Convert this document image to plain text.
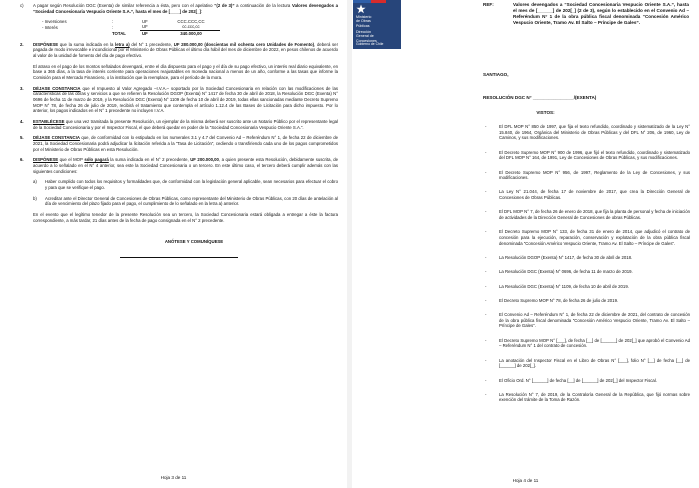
c)	A pagar según Resolución DGC (Exenta) de similar referencia a ésta, pero con el apelativo “(2 de 3)” a continuación de la lectura Valores devengados a “Sociedad Concesionaria Vespucio Oriente S.A.”, hasta el mes de [____] de 202[_]:

- Inversiones	:	UF	CCC.CCC,CC
- Interés	:	UF	cc.ccc,cc
	TOTAL	UF	340.000,00
2.	DISPÓNESE que la suma indicada en la letra a) del N° 1 precedente, UF 280.000,00 (doscientas mil ochenta cero Unidades de Fomento), deberá ser pagada de modo irrevocable e incondicional por el Ministerio de Obras Públicas el último día hábil del mes de diciembre de 2022, en pesos chilenos de acuerdo al valor de la unidad de fomento del día de pago efectivo.

El atraso en el pago de los montos señalados devengará, entre el día dispuesto para el pago y el día de su pago efectivo, un interés real diario equivalente, en base a 365 días, a la tasa de interés corriente para operaciones reajustables en moneda nacional a menos de un año, conforme a las tasas que informe la Comisión para el Mercado Financiero, o la institución que la reemplace, para el período de la mora.

3.	DÉJASE CONSTANCIA que el Impuesto al Valor Agregado –I.V.A.– soportado por la Sociedad Concesionaria en relación con las modificaciones de las características de las obras y servicios a que se refieren la Resolución DGOP (Exenta) N° 1417 de fecha 30 de abril de 2018, la Resolución DGC (Exenta) N° 0696 de fecha 11 de marzo de 2019, y la Resolución DGC (Exenta) N° 1109 de fecha 10 de abril de 2019, todas ellas sancionadas mediante Decreto Supremo MOP N° 78, de fecha 26 de julio de 2019, recibirá el tratamiento que contempla el artículo 1.12.4 de las Bases de Licitación para dicho impuesto. Por lo anterior, los pagos indicados en el N° 1 precedente no incluyen I.V.A.

4.	ESTABLÉCESE que una vez tramitada la presente Resolución, un ejemplar de la misma deberá ser suscrito ante un Notario Público por el representante legal de la Sociedad Concesionaria y por el Inspector Fiscal, el que deberá quedar en poder de la “Sociedad Concesionaria Vespucio Oriente S.A.”.

5.	DÉJASE CONSTANCIA que, de conformidad con lo estipulado en los numerales 3.1 y 4.7 del Convenio Ad – Referéndum N° 1, de fecha 22 de diciembre de 2021, la Sociedad Concesionaria podrá adjudicar la licitación referida a la “Tasa de Licitación”, cediendo o transfiriendo cada uno de los pagos comprometidos por el Ministerio de Obras Públicas en esta Resolución.

6.	DISPÓNESE que el MOP sólo pagará la suma indicada en el N° 2 precedente, UF 200.000,00, a quien presente esta Resolución, debidamente suscrita, de acuerdo a lo señalado en el N° 4 anterior, sea este la Sociedad Concesionaria o un tercero. En este último caso, el tercero deberá cumplir además con las siguientes condiciones:

a)	Haber cumplido con todos los requisitos y formalidades que, de conformidad con la legislación general aplicable, sean necesarios para efectuar el cobro y para que se verifique el pago.

b)	Acreditar ante el Director General de Concesiones de Obras Públicas, como representante del Ministerio de Obras Públicas, con 20 días de antelación al día de vencimiento del plazo fijado para el pago, el cumplimiento de lo señalado en la letra a) anterior.

En el evento que el legítimo tenedor de la presente Resolución sea un tercero, la Sociedad Concesionaria estará obligada a entregar a éste la factura correspondiente, a más tardar, 21 días antes de la fecha de pago consignada en el N° 2 precedente.

ANÓTESE Y COMUNÍQUESE

Hoja 3 de 11
Ministerio
de Obras
Públicas
Dirección
General de
Concesiones
Gobierno de Chile
REF:	Valores devengados a “Sociedad Concesionaria Vespucio Oriente S.A.”, hasta el mes de [______] de 202[_] (2 de 3), según lo establecido en el Convenio Ad – Referéndum N° 1 de la obra pública fiscal denominada “Concesión Américo Vespucio Oriente, Tramo Av. El Salto – Príncipe de Gales”.

SANTIAGO,
RESOLUCIÓN DGC N° ________________/(EXENTA)
VISTOS:
-	El DFL MOP N° 850 de 1997, que fija el texto refundido, coordinado y sistematizado de la Ley N° 15.840, de 1964, Orgánica del Ministerio de Obras Públicas y del DFL N° 206, de 1960, Ley de Caminos, y sus modificaciones.

-	El Decreto Supremo MOP N° 900 de 1996, que fijó el texto refundido, coordinado y sistematizado del DFL MOP N° 164, de 1991, Ley de Concesiones de Obras Públicas, y sus modificaciones.

-	El Decreto Supremo MOP N° 956, de 1997, Reglamento de la Ley de Concesiones, y sus modificaciones.

-	La Ley N° 21.044, de fecha 17 de noviembre de 2017, que crea la Dirección General de Concesiones de Obras Públicas.

-	El DFL MOP N° 7, de fecha 26 de enero de 2018, que fija la planta de personal y fecha de iniciación de actividades de la Dirección General de Concesiones de obras Públicas.

-	El Decreto Supremo MOP N° 133, de fecha 31 de enero de 2014, que adjudicó el contrato de concesión para la ejecución, reparación, conservación y explotación de la obra pública fiscal denominada “Concesión Américo Vespucio Oriente, Tramo Av. El Salto – Príncipe de Gales”.

-	La Resolución DGOP (Exenta) N° 1417, de fecha 30 de abril de 2018.

-	La Resolución DGC (Exenta) N° 0696, de fecha 11 de marzo de 2019.

-	La Resolución DGC (Exenta) N° 1109, de fecha 10 de abril de 2019.

-	El Decreto Supremo MOP N° 78, de fecha 26 de julio de 2019.

-	El Convenio Ad – Referéndum N° 1, de fecha 22 de diciembre de 2021, del contrato de concesión de la obra pública fiscal denominada “Concesión Américo Vespucio Oriente, Tramo Av. El Salto – Príncipe de Gales”.

-	El Decreto Supremo MOP N° [___], de fecha [__] de [______] de 202[_] que aprobó el Convenio Ad – Referéndum N° 1 del contrato de concesión.

-	La anotación del Inspector Fiscal en el Libro de Obras N° [___], folio N° [__] de fecha [__] de [______] de 202[_].

-	El Oficio Ord. N° [______] de fecha [__] de [______] de 202[_] del Inspector Fiscal.

-	La Resolución N° 7, de 2019, de la Contraloría General de la República, que fijó normas sobre exención del trámite de la Toma de Razón.

Hoja 4 de 11
